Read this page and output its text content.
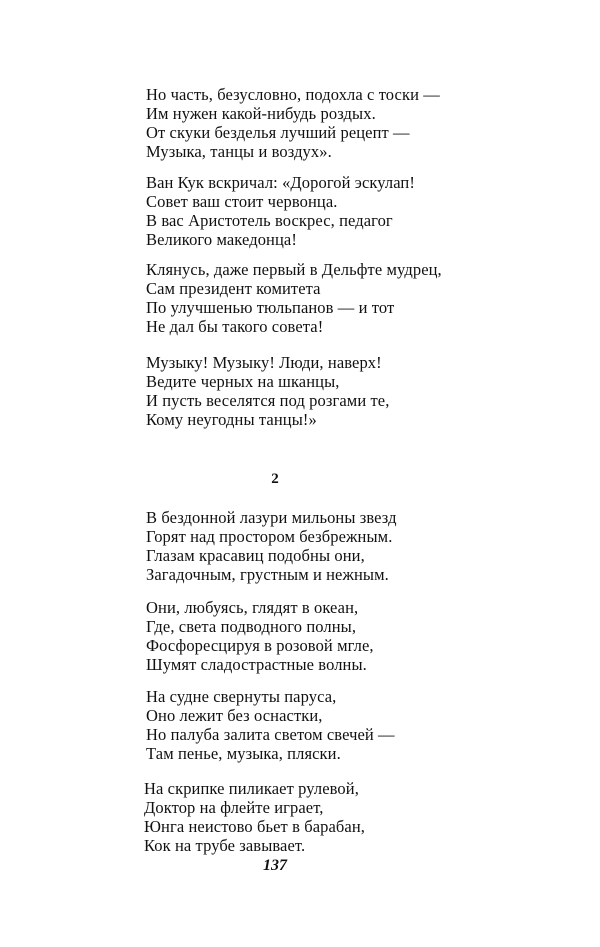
Но часть, безусловно, подохла с тоски —
Им нужен какой-нибудь роздых.
От скуки безделья лучший рецепт —
Музыка, танцы и воздух».
Ван Кук вскричал: «Дорогой эскулап!
Совет ваш стоит червонца.
В вас Аристотель воскрес, педагог
Великого македонца!
Клянусь, даже первый в Дельфте мудрец,
Сам президент комитета
По улучшенью тюльпанов — и тот
Не дал бы такого совета!
Музыку! Музыку! Люди, наверх!
Ведите черных на шканцы,
И пусть веселятся под розгами те,
Кому неугодны танцы!»
2
В бездонной лазури мильоны звезд
Горят над простором безбрежным.
Глазам красавиц подобны они,
Загадочным, грустным и нежным.
Они, любуясь, глядят в океан,
Где, света подводного полны,
Фосфоресцируя в розовой мгле,
Шумят сладострастные волны.
На судне свернуты паруса,
Оно лежит без оснастки,
Но палуба залита светом свечей —
Там пенье, музыка, пляски.
На скрипке пиликает рулевой,
Доктор на флейте играет,
Юнга неистово бьет в барабан,
Кок на трубе завывает.
137
